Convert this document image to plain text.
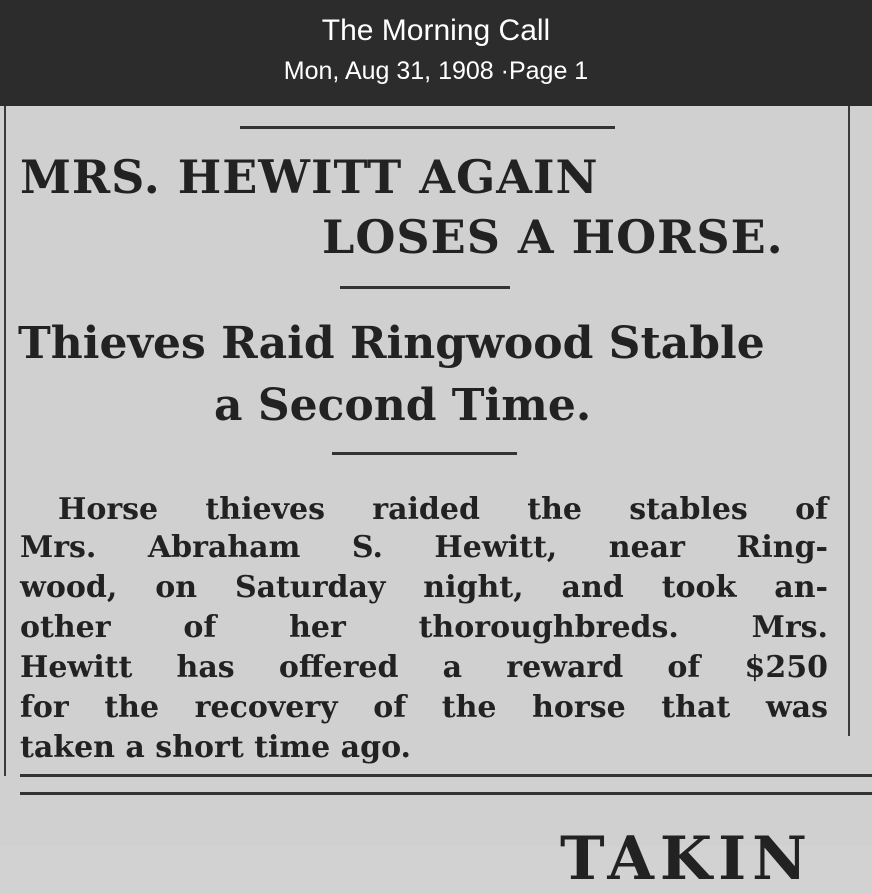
The Morning Call
Mon, Aug 31, 1908 ·Page 1
MRS. HEWITT AGAIN
LOSES A HORSE.
Thieves Raid Ringwood Stable
a Second Time.
Horse thieves raided the stables of
Mrs. Abraham S. Hewitt, near Ring-
wood, on Saturday night, and took an-
other of her thoroughbreds. Mrs.
Hewitt has offered a reward of $250
for the recovery of the horse that was
taken a short time ago.
TAKIN
